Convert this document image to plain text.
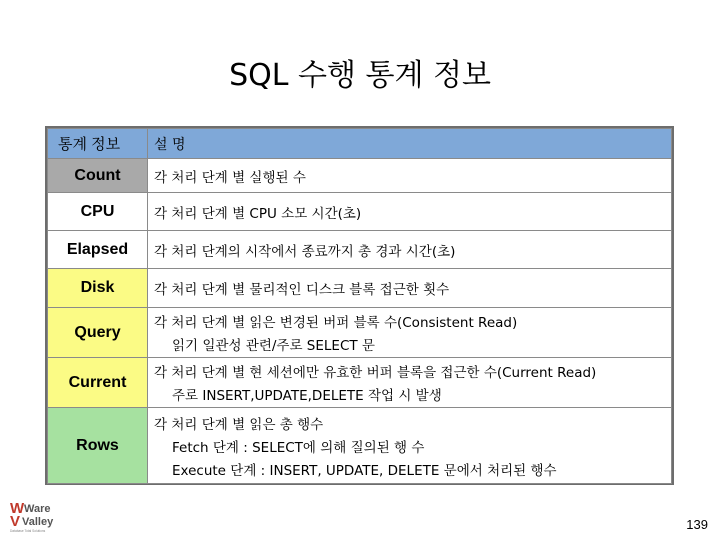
SQL 수행 통계 정보
통계 정보	설 명
Count	각 처리 단계 별 실행된 수

CPU	각 처리 단계 별 CPU 소모 시간(초)

Elapsed	각 처리 단계의 시작에서 종료까지 총 경과 시간(초)

Disk	각 처리 단계 별 물리적인 디스크 블록 접근한 횟수

Query	각 처리 단계 별 읽은 변경된 버퍼 블록 수(Consistent Read)
읽기 일관성 관련/주로 SELECT 문

Current	각 처리 단계 별 현 세션에만 유효한 버퍼 블록을 접근한 수(Current Read)
주로 INSERT,UPDATE,DELETE 작업 시 발생

Rows	각 처리 단계 별 읽은 총 행수
Fetch 단계 : SELECT에 의해 질의된 행 수
Execute 단계 : INSERT, UPDATE, DELETE 문에서 처리된 행수
W Ware
V Valley
Database Total Solutions	139
